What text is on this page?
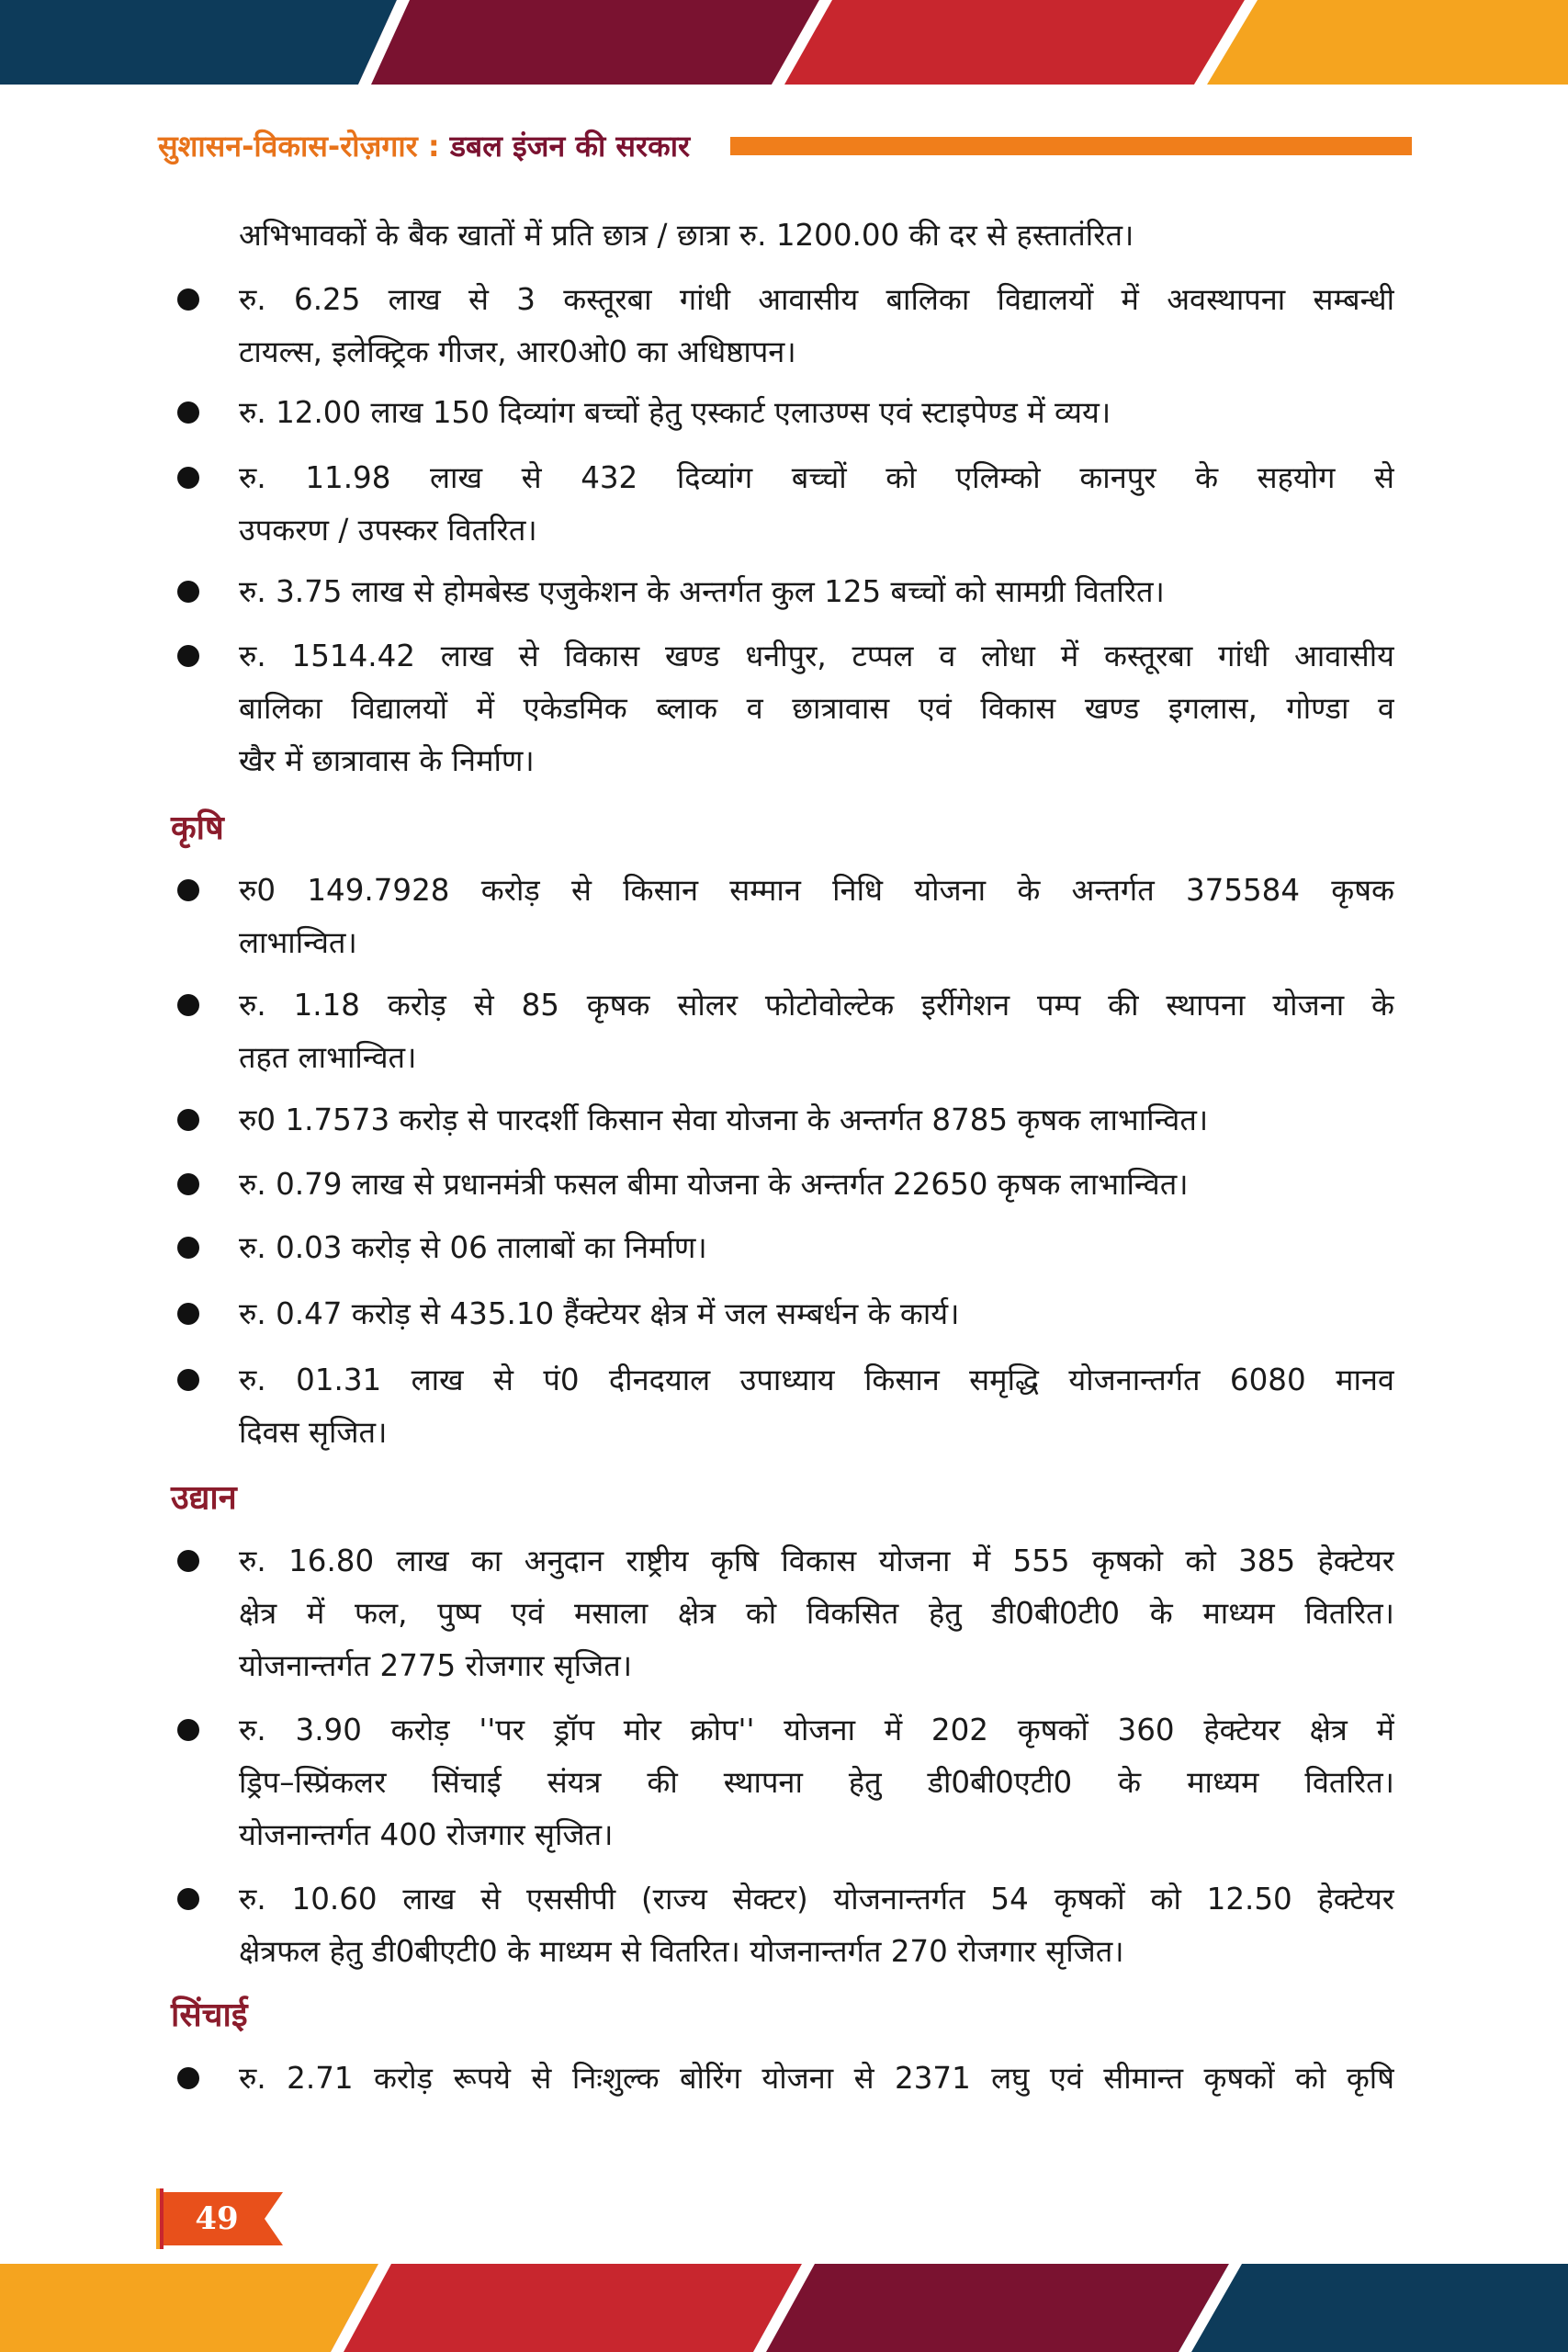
सुशासन-विकास-रोज़गार : डबल इंजन की सरकार
अभिभावकों के बैक खातों में प्रति छात्र / छात्रा रु. 1200.00 की दर से हस्तातंरित।
रु. 6.25 लाख से 3 कस्तूरबा गांधी आवासीय बालिका विद्यालयों में अवस्थापना सम्बन्धी
टायल्स, इलेक्ट्रिक गीजर, आर0ओ0 का अधिष्ठापन।
रु. 12.00 लाख 150 दिव्यांग बच्चों हेतु एस्कार्ट एलाउण्स एवं स्टाइपेण्ड में व्यय।
रु. 11.98 लाख से 432 दिव्यांग बच्चों को एलिम्को कानपुर के सहयोग से
उपकरण / उपस्कर वितरित।
रु. 3.75 लाख से होमबेस्ड एजुकेशन के अन्तर्गत कुल 125 बच्चों को सामग्री वितरित।
रु. 1514.42 लाख से विकास खण्ड धनीपुर, टप्पल व लोधा में कस्तूरबा गांधी आवासीय
बालिका विद्यालयों में एकेडमिक ब्लाक व छात्रावास एवं विकास खण्ड इगलास, गोण्डा व
खैर में छात्रावास के निर्माण।
कृषि
रु0 149.7928 करोड़ से किसान सम्मान निधि योजना के अन्तर्गत 375584 कृषक
लाभान्वित।
रु. 1.18 करोड़ से 85 कृषक सोलर फोटोवोल्टेक इर्रीगेशन पम्प की स्थापना योजना के
तहत लाभान्वित।
रु0 1.7573 करोड़ से पारदर्शी किसान सेवा योजना के अन्तर्गत 8785 कृषक लाभान्वित।
रु. 0.79 लाख से प्रधानमंत्री फसल बीमा योजना के अन्तर्गत 22650 कृषक लाभान्वित।
रु. 0.03 करोड़ से 06 तालाबों का निर्माण।
रु. 0.47 करोड़ से 435.10 हैंक्टेयर क्षेत्र में जल सम्बर्धन के कार्य।
रु. 01.31 लाख से पं0 दीनदयाल उपाध्याय किसान समृद्धि योजनान्तर्गत 6080 मानव
दिवस सृजित।
उद्यान
रु. 16.80 लाख का अनुदान राष्ट्रीय कृषि विकास योजना में 555 कृषको को 385 हेक्टेयर
क्षेत्र में फल, पुष्प एवं मसाला क्षेत्र को विकसित हेतु डी0बी0टी0 के माध्यम वितरित।
योजनान्तर्गत 2775 रोजगार सृजित।
रु. 3.90 करोड़ ''पर ड्रॉप मोर क्रोप'' योजना में 202 कृषकों 360 हेक्टेयर क्षेत्र में
ड्रिप–स्प्रिंकलर सिंचाई संयत्र की स्थापना हेतु डी0बी0एटी0 के माध्यम वितरित।
योजनान्तर्गत 400 रोजगार सृजित।
रु. 10.60 लाख से एससीपी (राज्य सेक्टर) योजनान्तर्गत 54 कृषकों को 12.50 हेक्टेयर
क्षेत्रफल हेतु डी0बीएटी0 के माध्यम से वितरित। योजनान्तर्गत 270 रोजगार सृजित।
सिंचाई
रु. 2.71 करोड़ रूपये से निःशुल्क बोरिंग योजना से 2371 लघु एवं सीमान्त कृषकों को कृषि
49
